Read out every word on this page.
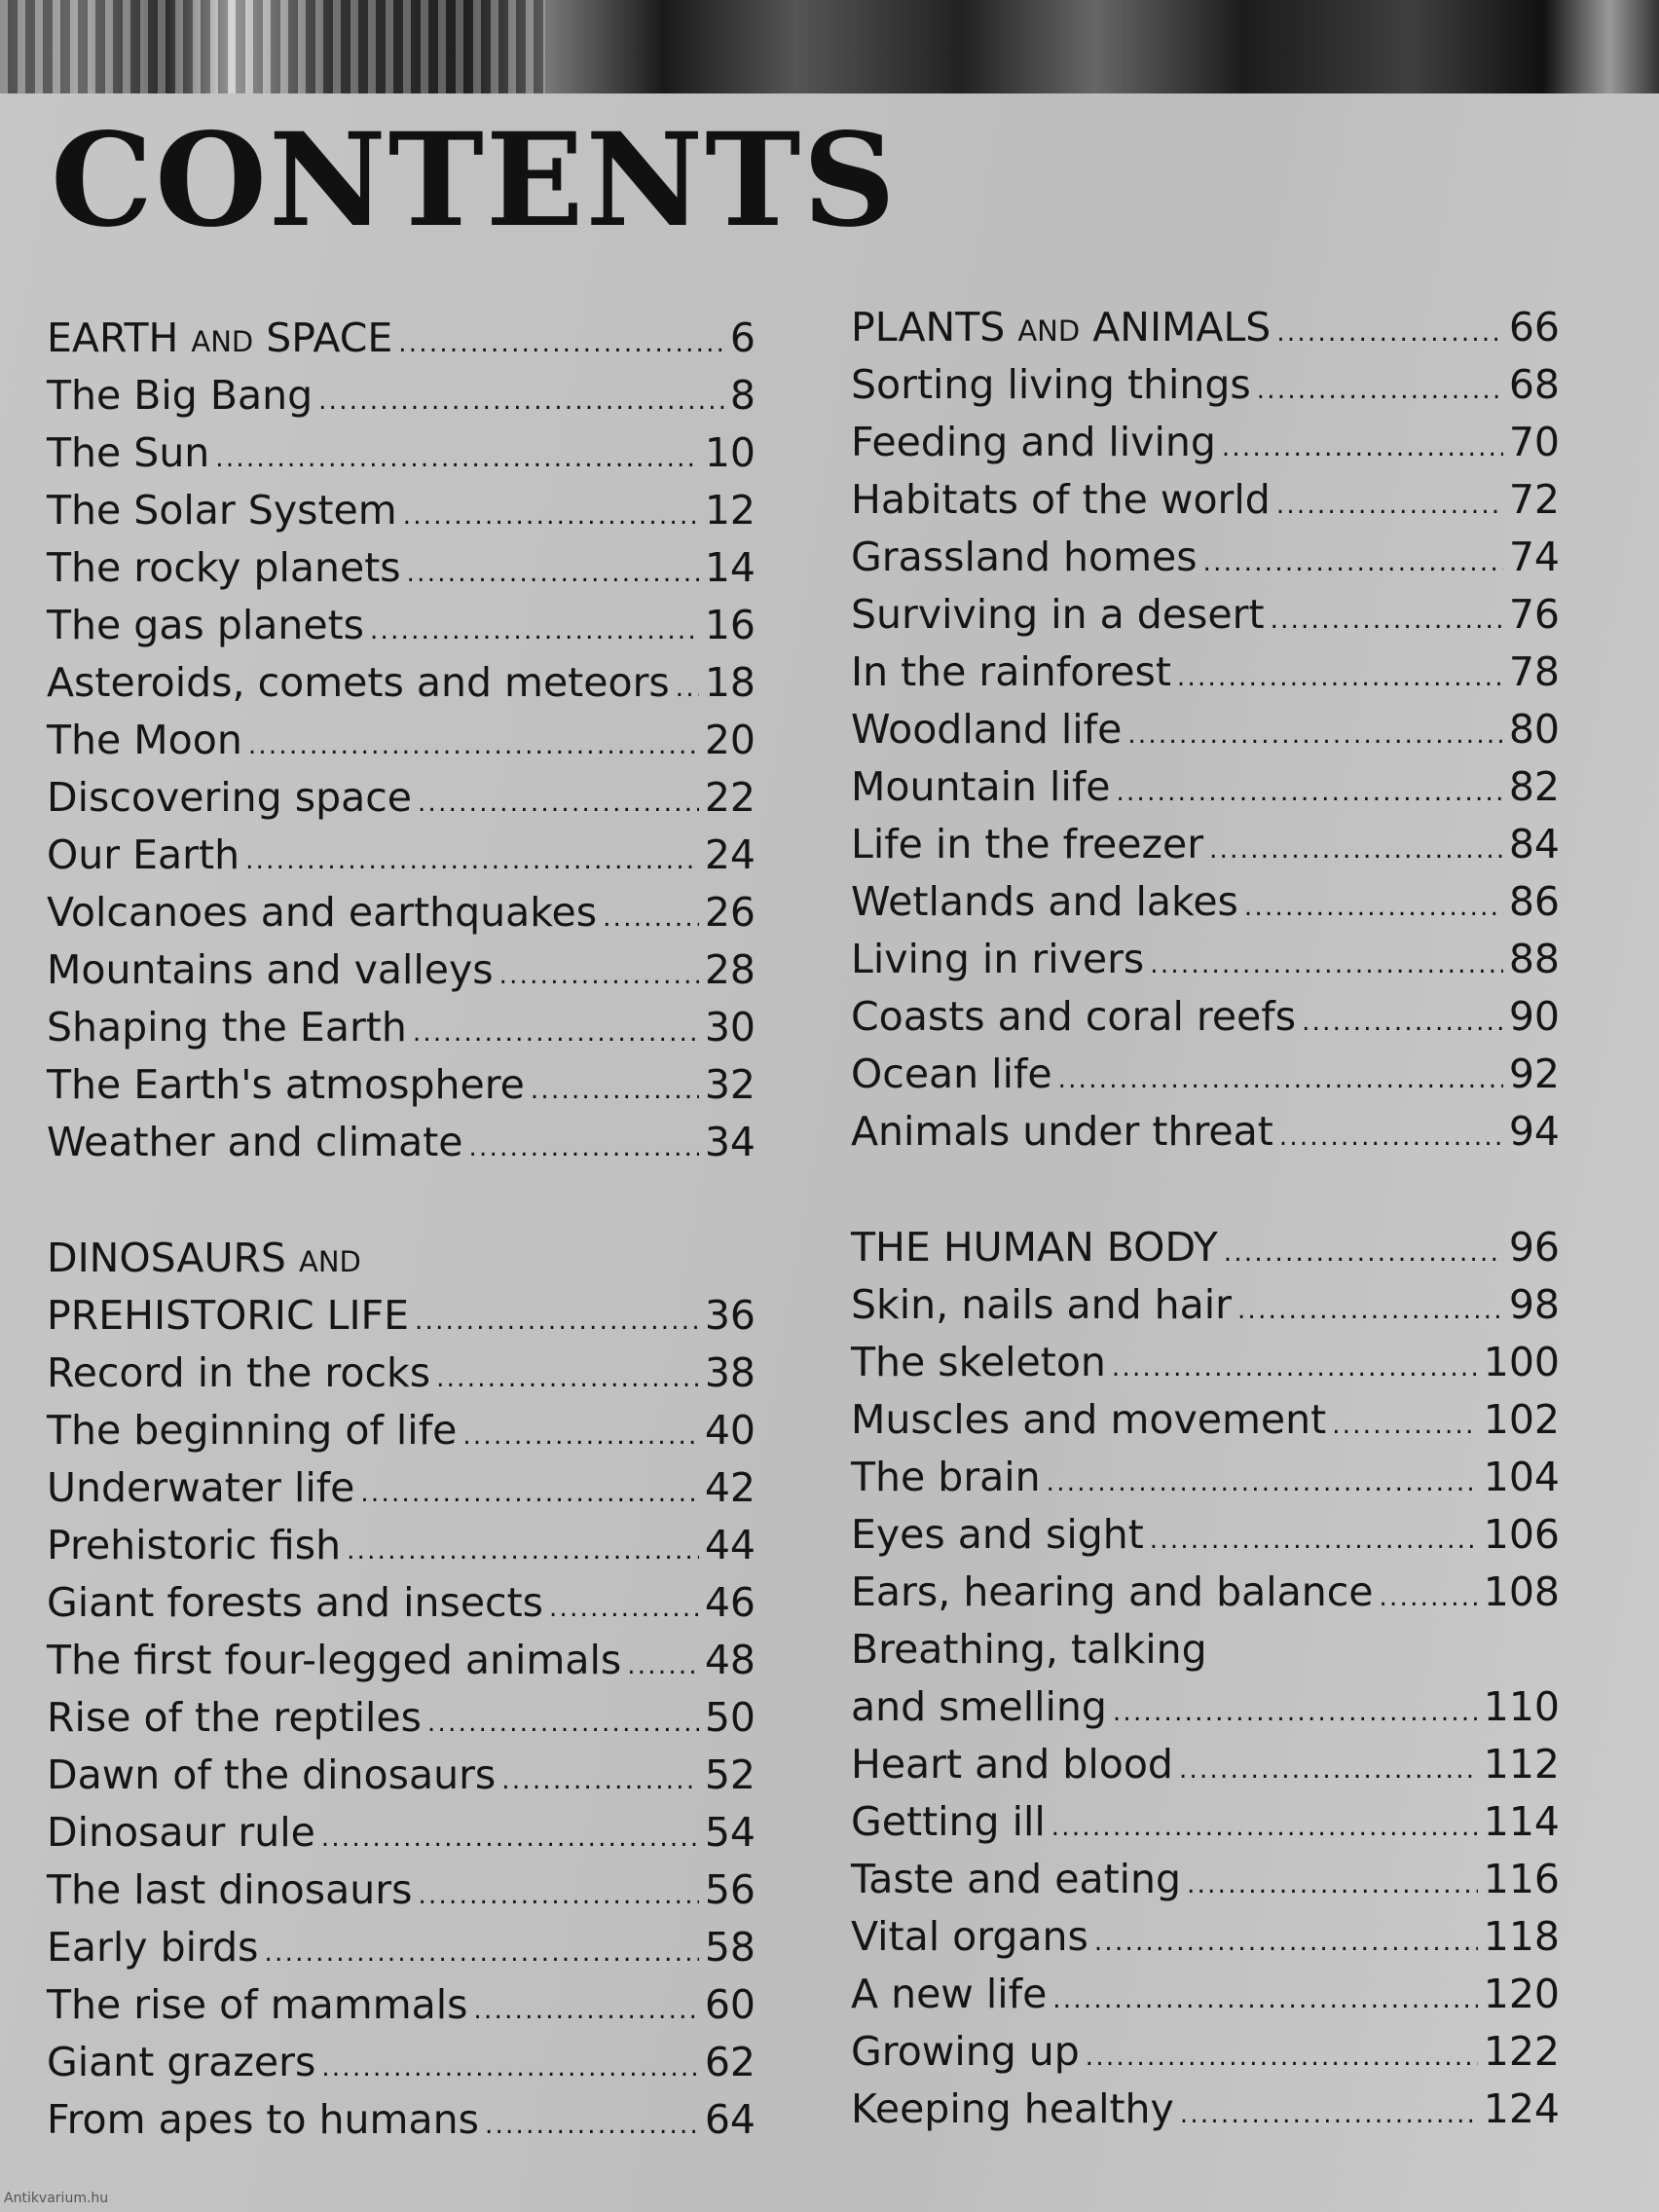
CONTENTS
EARTH and SPACE . . .	6
The Big Bang . . .	8
The Sun . . .	10
The Solar System . . .	12
The rocky planets . . .	14
The gas planets . . .	16
Asteroids, comets and meteors . . . 18
The Moon . . .	20
Discovering space . . .	22
Our Earth . . .	24
Volcanoes and earthquakes . . .	26
Mountains and valleys . . .	28
Shaping the Earth . . .	30
The Earth's atmosphere . . .	32
Weather and climate . . .	34
DINOSAURS and
PREHISTORIC LIFE . . .	36
Record in the rocks . . .	38
The beginning of life . . .	40
Underwater life . . .	42
Prehistoric fish . . .	44
Giant forests and insects . . .	46
The first four-legged animals . . . 48
Rise of the reptiles . . .	50
Dawn of the dinosaurs . . .	52
Dinosaur rule . . .	54
The last dinosaurs . . .	56
Early birds . . .	58
The rise of mammals . . .	60
Giant grazers . . .	62
From apes to humans . . .	64
PLANTS and ANIMALS . . .	66
Sorting living things . . .	68
Feeding and living . . .	70
Habitats of the world . . .	72
Grassland homes . . .	74
Surviving in a desert . . .	76
In the rainforest . . .	78
Woodland life . . .	80
Mountain life . . .	82
Life in the freezer . . .	84
Wetlands and lakes . . .	86
Living in rivers . . .	88
Coasts and coral reefs . . .	90
Ocean life . . .	92
Animals under threat . . .	94
THE HUMAN BODY . . .	96
Skin, nails and hair . . .	98
The skeleton . . .	100
Muscles and movement . . .	102
The brain . . .	104
Eyes and sight . . .	106
Ears, hearing and balance . . .	108
Breathing, talking
and smelling . . .	110
Heart and blood . . .	112
Getting ill . . .	114
Taste and eating . . .	116
Vital organs . . .	118
A new life . . .	120
Growing up . . .	122
Keeping healthy . . .	124
Antikvarium.hu
